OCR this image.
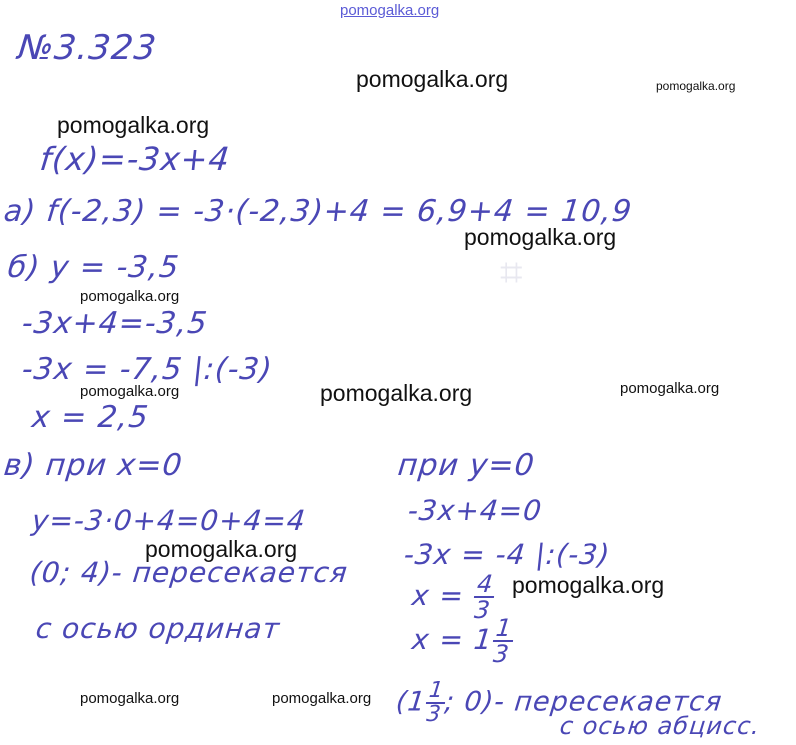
⌗
pomogalka.org
№3.323
pomogalka.org	pomogalka.org
pomogalka.org
f(x)=-3x+4
a) f(-2,3) = -3·(-2,3)+4 = 6,9+4 = 10,9
pomogalka.org
б) y = -3,5
pomogalka.org
-3x+4=-3,5
-3x = -7,5 |:(-3)
pomogalka.org	pomogalka.org	pomogalka.org
x = 2,5
в) при x=0	при y=0
y=-3·0+4=0+4=4	-3x+4=0
pomogalka.org	-3x = -4 |:(-3)
(0; 4)- пересекается
x =
$\frac{4}{3}$ pomogalka.org
с осью ординат	x = 1
$\frac{1}{3}$
pomogalka.org	pomogalka.org (1
$\frac{1}{3}$
; 0)- пересекается
с осью абцисс.
